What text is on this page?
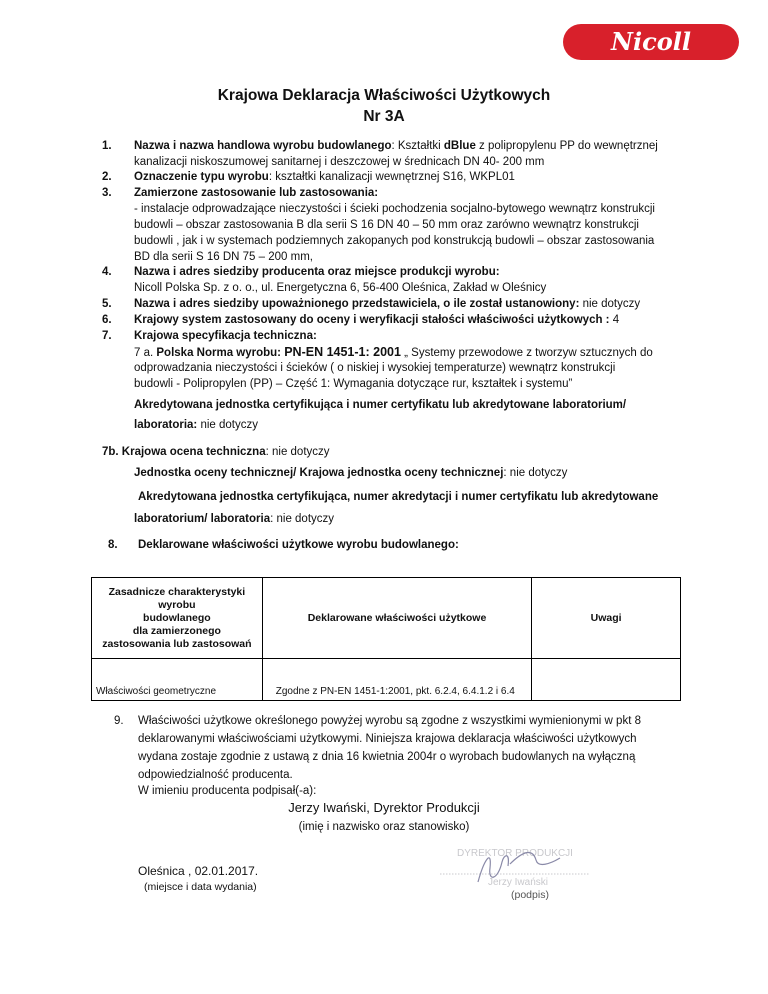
Nicoll
Krajowa Deklaracja Właściwości Użytkowych
Nr 3A
1. Nazwa i nazwa handlowa wyrobu budowlanego: Kształtki dBlue z polipropylenu PP do wewnętrznej
kanalizacji niskoszumowej sanitarnej i deszczowej w średnicach DN 40- 200 mm
2. Oznaczenie typu wyrobu: kształtki kanalizacji wewnętrznej S16, WKPL01
3. Zamierzone zastosowanie lub zastosowania:
- instalacje odprowadzające nieczystości i ścieki pochodzenia socjalno-bytowego wewnątrz konstrukcji
budowli – obszar zastosowania B dla serii S 16 DN 40 – 50 mm oraz zarówno wewnątrz konstrukcji
budowli , jak i w systemach podziemnych zakopanych pod konstrukcją budowli – obszar zastosowania
BD dla serii S 16 DN 75 – 200 mm,
4. Nazwa i adres siedziby producenta oraz miejsce produkcji wyrobu:
Nicoll Polska Sp. z o. o., ul. Energetyczna 6, 56-400 Oleśnica, Zakład w Oleśnicy
5. Nazwa i adres siedziby upoważnionego przedstawiciela, o ile został ustanowiony: nie dotyczy
6. Krajowy system zastosowany do oceny i weryfikacji stałości właściwości użytkowych : 4
7. Krajowa specyfikacja techniczna:
7 a. Polska Norma wyrobu: PN-EN 1451-1: 2001 „ Systemy przewodowe z tworzyw sztucznych do
odprowadzania nieczystości i ścieków ( o niskiej i wysokiej temperaturze) wewnątrz konstrukcji
budowli - Polipropylen (PP) – Część 1: Wymagania dotyczące rur, kształtek i systemu”
Akredytowana jednostka certyfikująca i numer certyfikatu lub akredytowane laboratorium/
laboratoria: nie dotyczy
7b. Krajowa ocena techniczna: nie dotyczy
Jednostka oceny technicznej/ Krajowa jednostka oceny technicznej: nie dotyczy
Akredytowana jednostka certyfikująca, numer akredytacji i numer certyfikatu lub akredytowane
laboratorium/ laboratoria: nie dotyczy
8. Deklarowane właściwości użytkowe wyrobu budowlanego:
Zasadnicze charakterystyki wyrobu
budowlanego
dla zamierzonego
zastosowania lub zastosowań	Deklarowane właściwości użytkowe	Uwagi
Właściwości geometryczne	Zgodne z PN-EN 1451-1:2001, pkt. 6.2.4, 6.4.1.2 i 6.4	
9. Właściwości użytkowe określonego powyżej wyrobu są zgodne z wszystkimi wymienionymi w pkt 8
deklarowanymi właściwościami użytkowymi. Niniejsza krajowa deklaracja właściwości użytkowych
wydana zostaje zgodnie z ustawą z dnia 16 kwietnia 2004r o wyrobach budowlanych na wyłączną
odpowiedzialność producenta.
W imieniu producenta podpisał(-a):
Jerzy Iwański, Dyrektor Produkcji
(imię i nazwisko oraz stanowisko)
Oleśnica , 02.01.2017.
(miejsce i data wydania)
DYREKTOR PRODUKCJI
Jerzy Iwański
(podpis)
